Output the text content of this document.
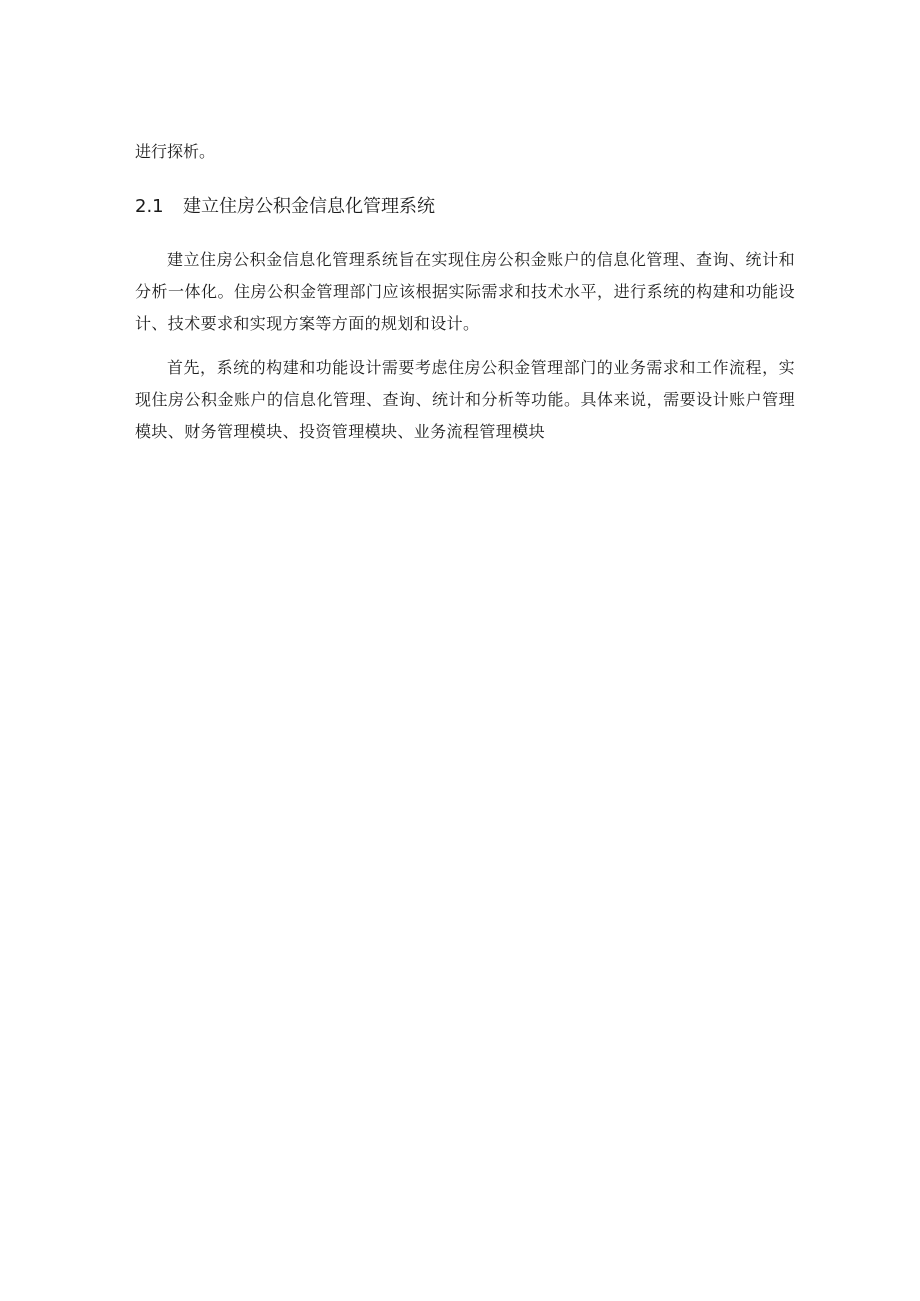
进行探析。

2.1	建立住房公积金信息化管理系统

建立住房公积金信息化管理系统旨在实现住房公积金账户的信息化管理、查询、统计和分析一体化。住房公积金管理部门应该根据实际需求和技术水平，进行系统的构建和功能设计、技术要求和实现方案等方面的规划和设计。

首先，系统的构建和功能设计需要考虑住房公积金管理部门的业务需求和工作流程，实现住房公积金账户的信息化管理、查询、统计和分析等功能。具体来说，需要设计账户管理模块、财务管理模块、投资管理模块、业务流程管理模块
